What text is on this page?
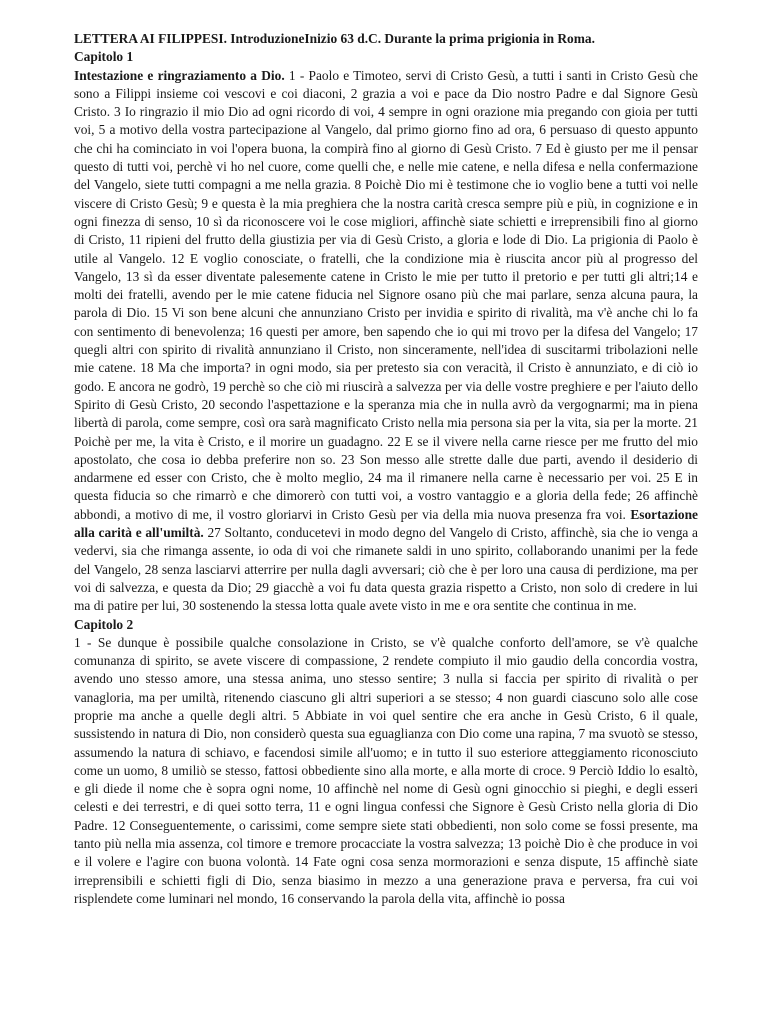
LETTERA AI FILIPPESI. IntroduzioneInizio 63 d.C. Durante la prima prigionia in Roma.

Capitolo 1

Intestazione e ringraziamento a Dio. 1 - Paolo e Timoteo, servi di Cristo Gesù, a tutti i santi in Cristo Gesù che sono a Filippi insieme coi vescovi e coi diaconi, 2 grazia a voi e pace da Dio nostro Padre e dal Signore Gesù Cristo. 3 Io ringrazio il mio Dio ad ogni ricordo di voi, 4 sempre in ogni orazione mia pregando con gioia per tutti voi, 5 a motivo della vostra partecipazione al Vangelo, dal primo giorno fino ad ora, 6 persuaso di questo appunto che chi ha cominciato in voi l'opera buona, la compirà fino al giorno di Gesù Cristo. 7 Ed è giusto per me il pensar questo di tutti voi, perchè vi ho nel cuore, come quelli che, e nelle mie catene, e nella difesa e nella confermazione del Vangelo, siete tutti compagni a me nella grazia. 8 Poichè Dio mi è testimone che io voglio bene a tutti voi nelle viscere di Cristo Gesù; 9 e questa è la mia preghiera che la nostra carità cresca sempre più e più, in cognizione e in ogni finezza di senso, 10 sì da riconoscere voi le cose migliori, affinchè siate schietti e irreprensibili fino al giorno di Cristo, 11 ripieni del frutto della giustizia per via di Gesù Cristo, a gloria e lode di Dio. La prigionia di Paolo è utile al Vangelo. 12 E voglio conosciate, o fratelli, che la condizione mia è riuscita ancor più al progresso del Vangelo, 13 sì da esser diventate palesemente catene in Cristo le mie per tutto il pretorio e per tutti gli altri;14 e molti dei fratelli, avendo per le mie catene fiducia nel Signore osano più che mai parlare, senza alcuna paura, la parola di Dio. 15 Vi son bene alcuni che annunziano Cristo per invidia e spirito di rivalità, ma v'è anche chi lo fa con sentimento di benevolenza; 16 questi per amore, ben sapendo che io qui mi trovo per la difesa del Vangelo; 17 quegli altri con spirito di rivalità annunziano il Cristo, non sinceramente, nell'idea di suscitarmi tribolazioni nelle mie catene. 18 Ma che importa? in ogni modo, sia per pretesto sia con veracità, il Cristo è annunziato, e di ciò io godo. E ancora ne godrò, 19 perchè so che ciò mi riuscirà a salvezza per via delle vostre preghiere e per l'aiuto dello Spirito di Gesù Cristo, 20 secondo l'aspettazione e la speranza mia che in nulla avrò da vergognarmi; ma in piena libertà di parola, come sempre, così ora sarà magnificato Cristo nella mia persona sia per la vita, sia per la morte. 21 Poichè per me, la vita è Cristo, e il morire un guadagno. 22 E se il vivere nella carne riesce per me frutto del mio apostolato, che cosa io debba preferire non so. 23 Son messo alle strette dalle due parti, avendo il desiderio di andarmene ed esser con Cristo, che è molto meglio, 24 ma il rimanere nella carne è necessario per voi. 25 E in questa fiducia so che rimarrò e che dimorerò con tutti voi, a vostro vantaggio e a gloria della fede; 26 affinchè abbondi, a motivo di me, il vostro gloriarvi in Cristo Gesù per via della mia nuova presenza fra voi. Esortazione alla carità e all'umiltà. 27 Soltanto, conducetevi in modo degno del Vangelo di Cristo, affinchè, sia che io venga a vedervi, sia che rimanga assente, io oda di voi che rimanete saldi in uno spirito, collaborando unanimi per la fede del Vangelo, 28 senza lasciarvi atterrire per nulla dagli avversari; ciò che è per loro una causa di perdizione, ma per voi di salvezza, e questa da Dio; 29 giacchè a voi fu data questa grazia rispetto a Cristo, non solo di credere in lui ma di patire per lui, 30 sostenendo la stessa lotta quale avete visto in me e ora sentite che continua in me.

Capitolo 2

1 - Se dunque è possibile qualche consolazione in Cristo, se v'è qualche conforto dell'amore, se v'è qualche comunanza di spirito, se avete viscere di compassione, 2 rendete compiuto il mio gaudio della concordia vostra, avendo uno stesso amore, una stessa anima, uno stesso sentire; 3 nulla si faccia per spirito di rivalità o per vanagloria, ma per umiltà, ritenendo ciascuno gli altri superiori a se stesso; 4 non guardi ciascuno solo alle cose proprie ma anche a quelle degli altri. 5 Abbiate in voi quel sentire che era anche in Gesù Cristo, 6 il quale, sussistendo in natura di Dio, non considerò questa sua eguaglianza con Dio come una rapina, 7 ma svuotò se stesso, assumendo la natura di schiavo, e facendosi simile all'uomo; e in tutto il suo esteriore atteggiamento riconosciuto come un uomo, 8 umiliò se stesso, fattosi obbediente sino alla morte, e alla morte di croce. 9 Perciò Iddio lo esaltò, e gli diede il nome che è sopra ogni nome, 10 affinchè nel nome di Gesù ogni ginocchio si pieghi, e degli esseri celesti e dei terrestri, e di quei sotto terra, 11 e ogni lingua confessi che Signore è Gesù Cristo nella gloria di Dio Padre. 12 Conseguentemente, o carissimi, come sempre siete stati obbedienti, non solo come se fossi presente, ma tanto più nella mia assenza, col timore e tremore procacciate la vostra salvezza; 13 poichè Dio è che produce in voi e il volere e l'agire con buona volontà. 14 Fate ogni cosa senza mormorazioni e senza dispute, 15 affinchè siate irreprensibili e schietti figli di Dio, senza biasimo in mezzo a una generazione prava e perversa, fra cui voi risplendete come luminari nel mondo, 16 conservando la parola della vita, affinchè io possa
